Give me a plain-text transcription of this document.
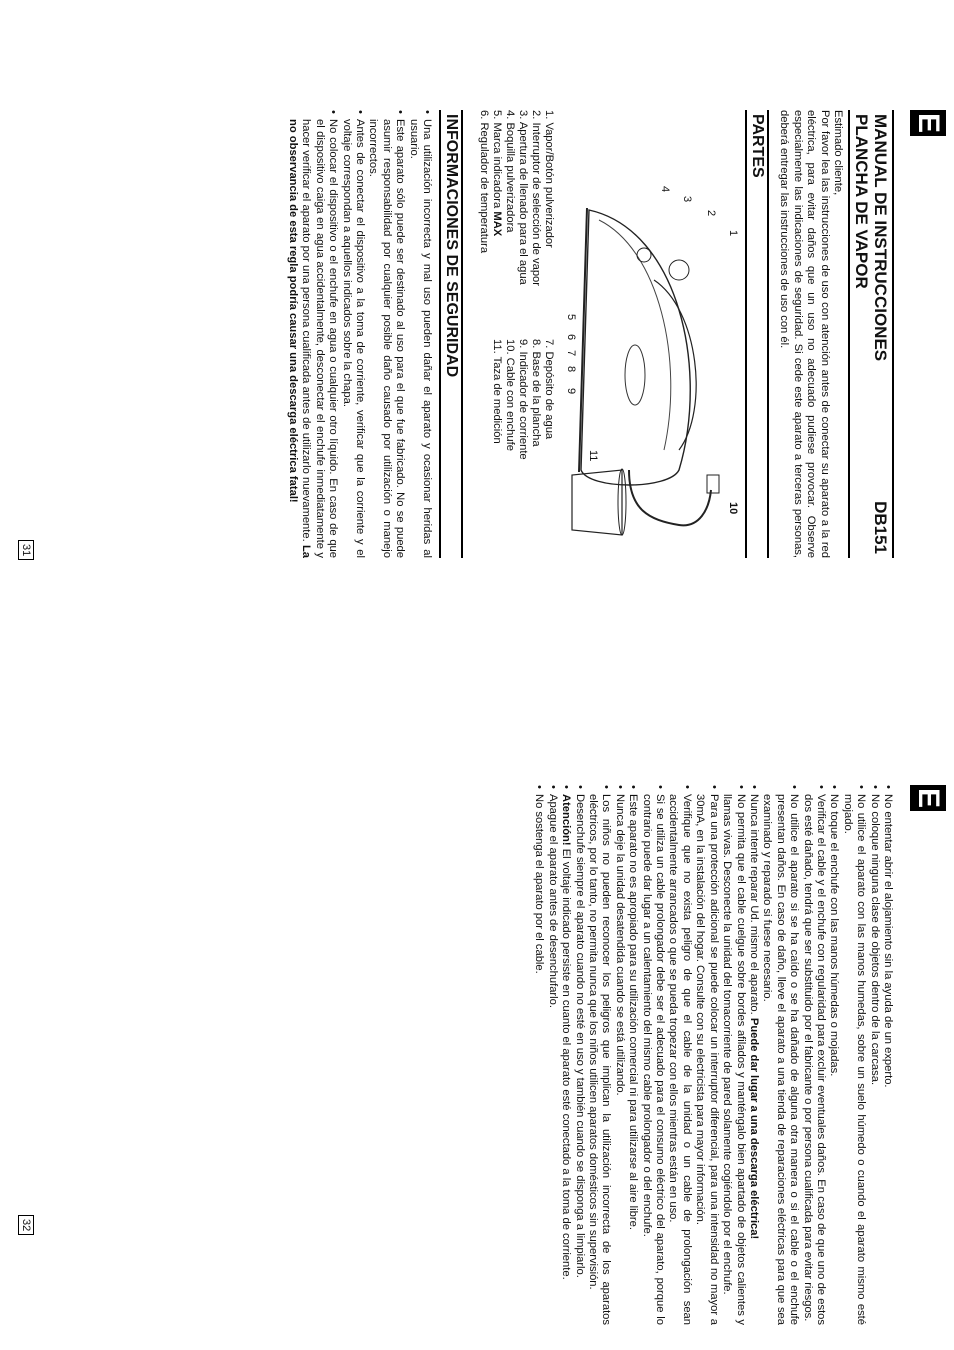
E
MANUAL DE INSTRUCCIONES
PLANCHA DE VAPOR
DB151

Estimado cliente,

Por favor lea las instrucciones de uso con atención antes de conectar su aparato a la red eléctrica, para evitar daños que un uso no adecuado pudiese provocar. Observe especialmente las indicaciones de seguridad. Si cede este aparato a terceras personas, deberá entregar las instrucciones de uso con él.

PARTES
1
2
3
4
5
6
7
8
9
10
11
1. Vapor/Botón pulverizador
2. Interruptor de selección de vapor
3. Apertura de llenado para el agua
4. Boquilla pulverizadora
5. Marca indicadora MAX
6. Regulador de temperatura
7. Depósito de agua
8. Base de la plancha
9. Indicador de corriente
10. Cable con enchufe
11. Taza de medición
INFORMACIONES DE SEGURIDAD
• Una utilización incorrecta y mal uso pueden dañar el aparato y ocasionar heridas al usuario.
• Este aparato sólo puede ser destinado al uso para el que fue fabricado. No se puede asumir responsabilidad por cualquier posible daño causado por utilización o manejo incorrectos.
• Antes de conectar el dispositivo a la toma de corriente, verificar que la corriente y el voltaje correspondan a aquellos indicados sobre la chapa.
• No colocar el dispositivo o el enchufe en agua o cualquier otro líquido. En caso de que el dispositivo caiga en agua accidentalmente, desconectar el enchufe inmediatamente y hacer verificar el aparato por una persona cualificada antes de utilizarlo nuevamente. La no observancia de esta regla podría causar una descarga eléctrica fatal!
31
E
• No ententar abrir el alojamiento sin la ayuda de un experto.
• No coloque ninguna clase de objetos dentro de la carcasa.
• No utilice el aparato con las manos humedas, sobre un suelo húmedo o cuando el aparato mismo esté mojado.
• No toque el enchufe con las manos húmedas o mojadas.
• Verificar el cable y el enchufe con regularidad para excluir eventuales daños. En caso de que uno de estos dos esté dañado, tendrá que ser substituido por el fabricante o por persona cualificada para evitar riesgos.
• No utilice el aparato si se ha caído o se ha dañado de alguna otra manera o si el cable o el enchufe presentan daños. En caso de daño, lleve el aparato a una tienda de reparaciones eléctricas para que sea examinado y reparado si fuese necesario.
• Nunca intente reparar Ud. mismo el aparato. Puede dar lugar a una descarga eléctrica!
• No permita que el cable cuelgue sobre bordes afilados y manténgalo bien apartado de objetos calientes y llamas vivas. Desconecte la unidad del tomacorriente de pared solamente cogiéndolo por el enchufe.
• Para una protección adicional se puede colocar un interruptor diferencial, para una intensidad no mayor a 30mA, en la instalación del hogar. Consulte con su electricista para mayor información.
• Verifique que no exista peligro de que el cable de la unidad o un cable de prolongación sean accidentalmente arrancados o que se pueda tropezar con ellos mientras están en uso.
• Si se utiliza un cable prolongador debe ser el adecuado para el consumo eléctrico del aparato, porque lo contrario puede dar lugar a un calentamiento del mismo cable prolongador o del enchufe.
• Este aparato no es apropiado para su utilización comercial ni para utilizarse al aire libre.
• Nunca deje la unidad desatendida cuando se está utilizando.
• Los niños no pueden reconocer los peligros que implican la utilización incorrecta de los aparatos eléctricos, por lo tanto, no permita nunca que los niños utilicen aparatos domésticos sin supervisión.
• Desenchufe siempre el aparato cuando no esté en uso y también cuando se disponga a limpiarlo.
• Atención! El voltaje indicado persiste en cuanto el aparato esté conectado a la toma de corriente.
• Apague el aparato antes de desenchufarlo.
• No sostenga el aparato por el cable.
32
